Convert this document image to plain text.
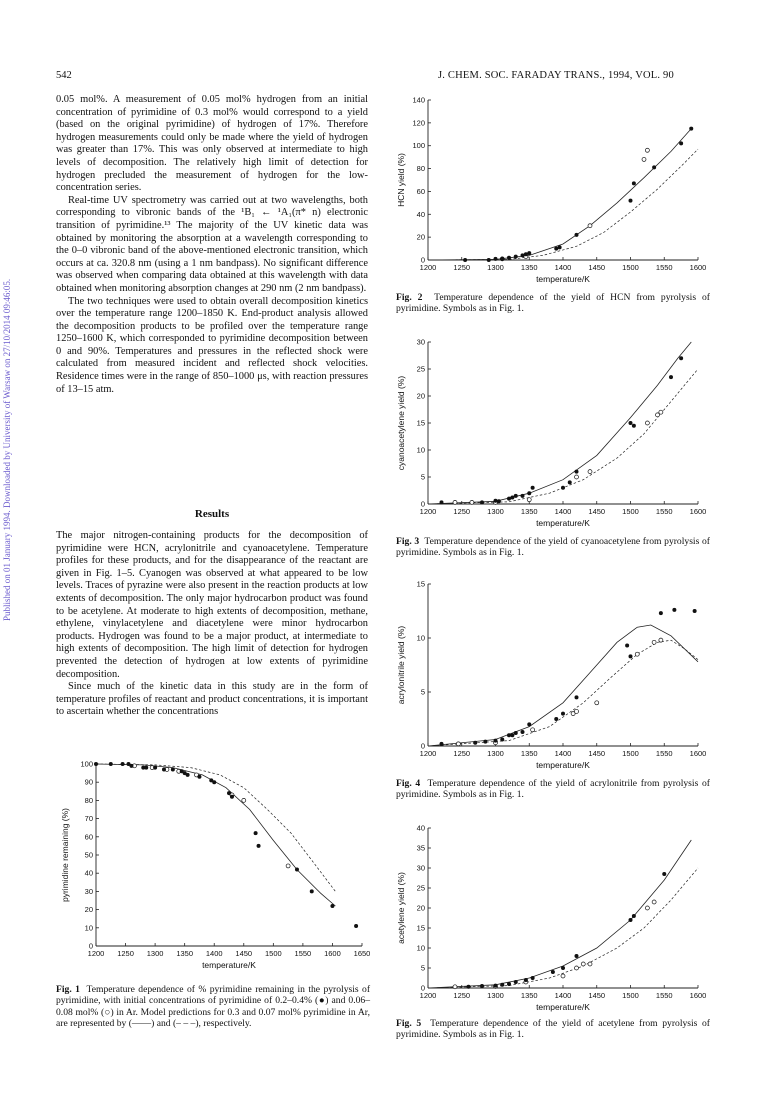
542	J. CHEM. SOC. FARADAY TRANS., 1994, VOL. 90
Published on 01 January 1994. Downloaded by University of Warsaw on 27/10/2014 09:46:05.

0.05 mol%. A measurement of 0.05 mol% hydrogen from an initial concentration of pyrimidine of 0.3 mol% would correspond to a yield (based on the original pyrimidine) of hydrogen of 17%. Therefore hydrogen measurements could only be made where the yield of hydrogen was greater than 17%. This was only observed at intermediate to high levels of decomposition. The relatively high limit of detection for hydrogen precluded the measurement of hydrogen for the low-concentration series.

Real-time UV spectrometry was carried out at two wavelengths, both corresponding to vibronic bands of the ¹B₁ ← ¹A₁(π* n) electronic transition of pyrimidine.¹³ The majority of the UV kinetic data was obtained by monitoring the absorption at a wavelength corresponding to the 0–0 vibronic band of the above-mentioned electronic transition, which occurs at ca. 320.8 nm (using a 1 nm bandpass). No significant difference was observed when comparing data obtained at this wavelength with data obtained when monitoring absorption changes at 290 nm (2 nm bandpass).

The two techniques were used to obtain overall decomposition kinetics over the temperature range 1200–1850 K. End-product analysis allowed the decomposition products to be profiled over the temperature range 1250–1600 K, which corresponded to pyrimidine decomposition between 0 and 90%. Temperatures and pressures in the reflected shock were calculated from measured incident and reflected shock velocities. Residence times were in the range of 850–1000 μs, with reaction pressures of 13–15 atm.

Results

The major nitrogen-containing products for the decomposition of pyrimidine were HCN, acrylonitrile and cyanoacetylene. Temperature profiles for these products, and for the disappearance of the reactant are given in Fig. 1–5. Cyanogen was observed at what appeared to be low levels. Traces of pyrazine were also present in the reaction products at low extents of decomposition. The only major hydrocarbon product was found to be acetylene. At moderate to high extents of decomposition, methane, ethylene, vinylacetylene and diacetylene were minor hydrocarbon products. Hydrogen was found to be a major product, at intermediate to high extents of decomposition. The high limit of detection for hydrogen prevented the detection of hydrogen at low extents of pyrimidine decomposition.

Since much of the kinetic data in this study are in the form of temperature profiles of reactant and product concentrations, it is important to ascertain whether the concentrations

1200 1250 1300 1350 1400 1450 1500 1550 1600 1650
0
10
20
30
40
50
60
70
80
90
100
temperature/K
pyrimidine remaining (%)
Fig. 1 Temperature dependence of % pyrimidine remaining in the pyrolysis of pyrimidine, with initial concentrations of pyrimidine of 0.2–0.4% (●) and 0.06–0.08 mol% (○) in Ar. Model predictions for 0.3 and 0.07 mol% pyrimidine in Ar, are represented by (——) and (– – –), respectively.
1200 1250 1300 1350 1400 1450 1500 1550 1600
0
20
40
60
80
100
120
140
temperature/K
HCN yield (%)
Fig. 2 Temperature dependence of the yield of HCN from pyrolysis of pyrimidine. Symbols as in Fig. 1.
1200 1250 1300 1350 1400 1450 1500 1550 1600
0
5
10
15
20
25
30
temperature/K
cyanoacetylene yield (%)
Fig. 3 Temperature dependence of the yield of cyanoacetylene from pyrolysis of pyrimidine. Symbols as in Fig. 1.
1200 1250 1300 1350 1400 1450 1500 1550 1600
0
5
10
15
temperature/K
acrylonitrile yield (%)
Fig. 4 Temperature dependence of the yield of acrylonitrile from pyrolysis of pyrimidine. Symbols as in Fig. 1.
1200 1250 1300 1350 1400 1450 1500 1550 1600
0
5
10
15
20
25
30
35
40
temperature/K
acetylene yield (%)
Fig. 5 Temperature dependence of the yield of acetylene from pyrolysis of pyrimidine. Symbols as in Fig. 1.
